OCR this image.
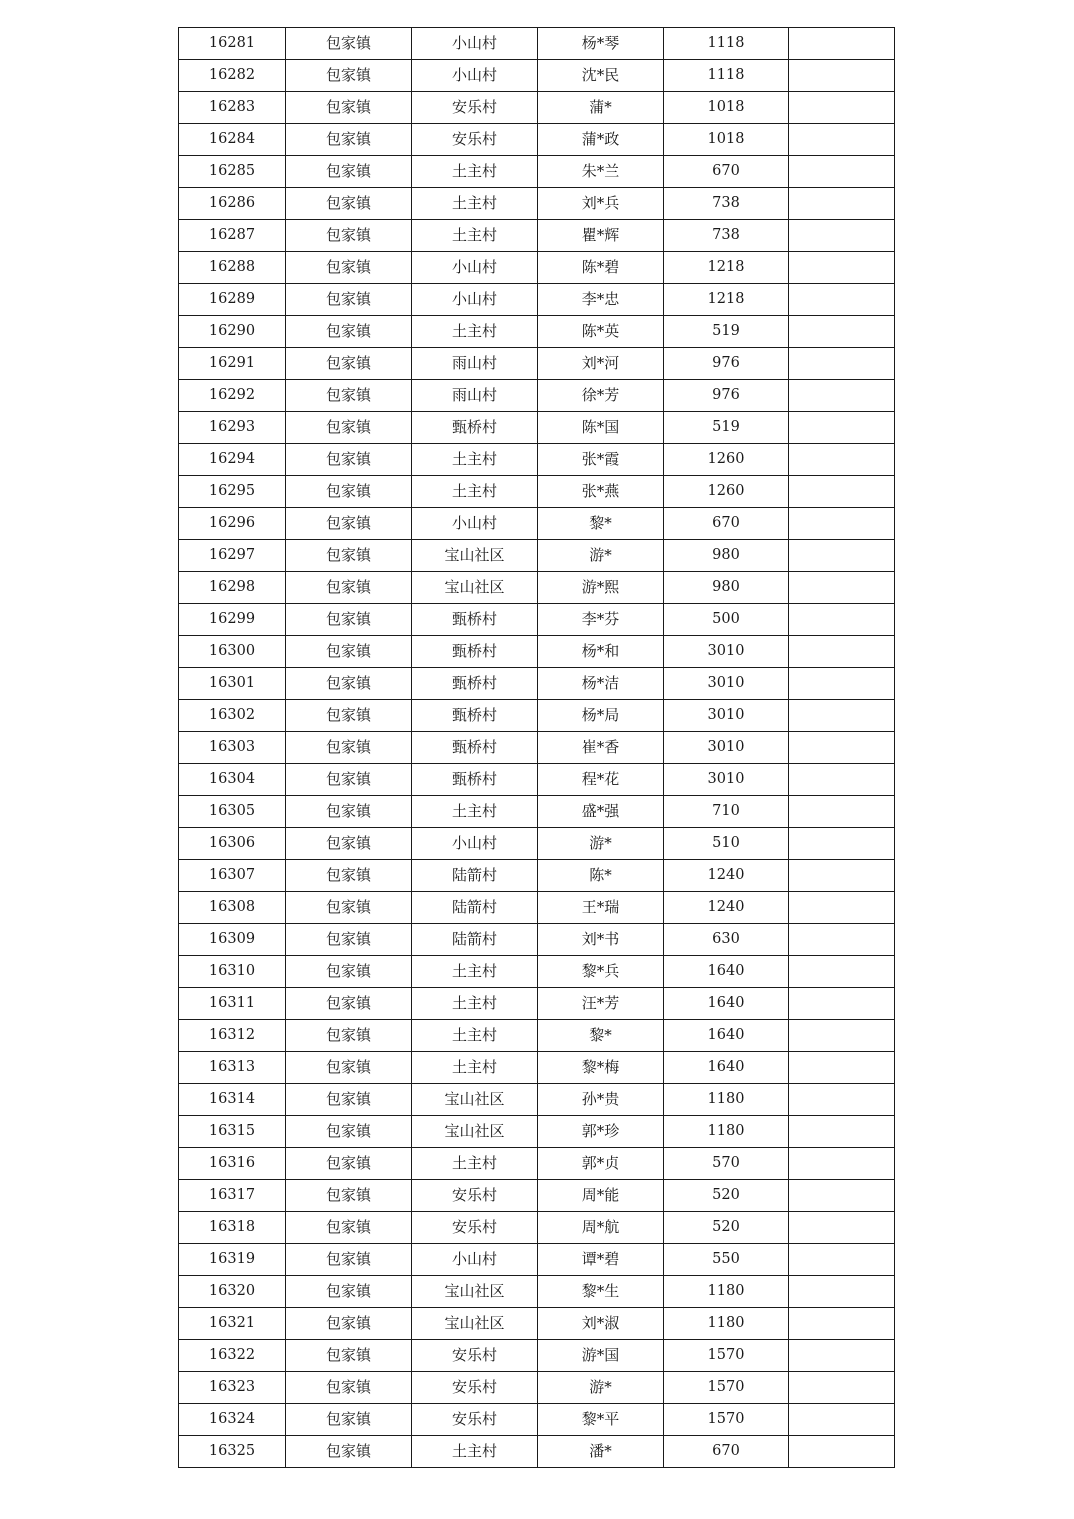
16281	包家镇	小山村	杨*琴	1118	
16282	包家镇	小山村	沈*民	1118	
16283	包家镇	安乐村	蒲*	1018	
16284	包家镇	安乐村	蒲*政	1018	
16285	包家镇	土主村	朱*兰	670	
16286	包家镇	土主村	刘*兵	738	
16287	包家镇	土主村	瞿*辉	738	
16288	包家镇	小山村	陈*碧	1218	
16289	包家镇	小山村	李*忠	1218	
16290	包家镇	土主村	陈*英	519	
16291	包家镇	雨山村	刘*河	976	
16292	包家镇	雨山村	徐*芳	976	
16293	包家镇	甄桥村	陈*国	519	
16294	包家镇	土主村	张*霞	1260	
16295	包家镇	土主村	张*燕	1260	
16296	包家镇	小山村	黎*	670	
16297	包家镇	宝山社区	游*	980	
16298	包家镇	宝山社区	游*熙	980	
16299	包家镇	甄桥村	李*芬	500	
16300	包家镇	甄桥村	杨*和	3010	
16301	包家镇	甄桥村	杨*洁	3010	
16302	包家镇	甄桥村	杨*局	3010	
16303	包家镇	甄桥村	崔*香	3010	
16304	包家镇	甄桥村	程*花	3010	
16305	包家镇	土主村	盛*强	710	
16306	包家镇	小山村	游*	510	
16307	包家镇	陆箭村	陈*	1240	
16308	包家镇	陆箭村	王*瑞	1240	
16309	包家镇	陆箭村	刘*书	630	
16310	包家镇	土主村	黎*兵	1640	
16311	包家镇	土主村	汪*芳	1640	
16312	包家镇	土主村	黎*	1640	
16313	包家镇	土主村	黎*梅	1640	
16314	包家镇	宝山社区	孙*贵	1180	
16315	包家镇	宝山社区	郭*珍	1180	
16316	包家镇	土主村	郭*贞	570	
16317	包家镇	安乐村	周*能	520	
16318	包家镇	安乐村	周*航	520	
16319	包家镇	小山村	谭*碧	550	
16320	包家镇	宝山社区	黎*生	1180	
16321	包家镇	宝山社区	刘*淑	1180	
16322	包家镇	安乐村	游*国	1570	
16323	包家镇	安乐村	游*	1570	
16324	包家镇	安乐村	黎*平	1570	
16325	包家镇	土主村	潘*	670	
